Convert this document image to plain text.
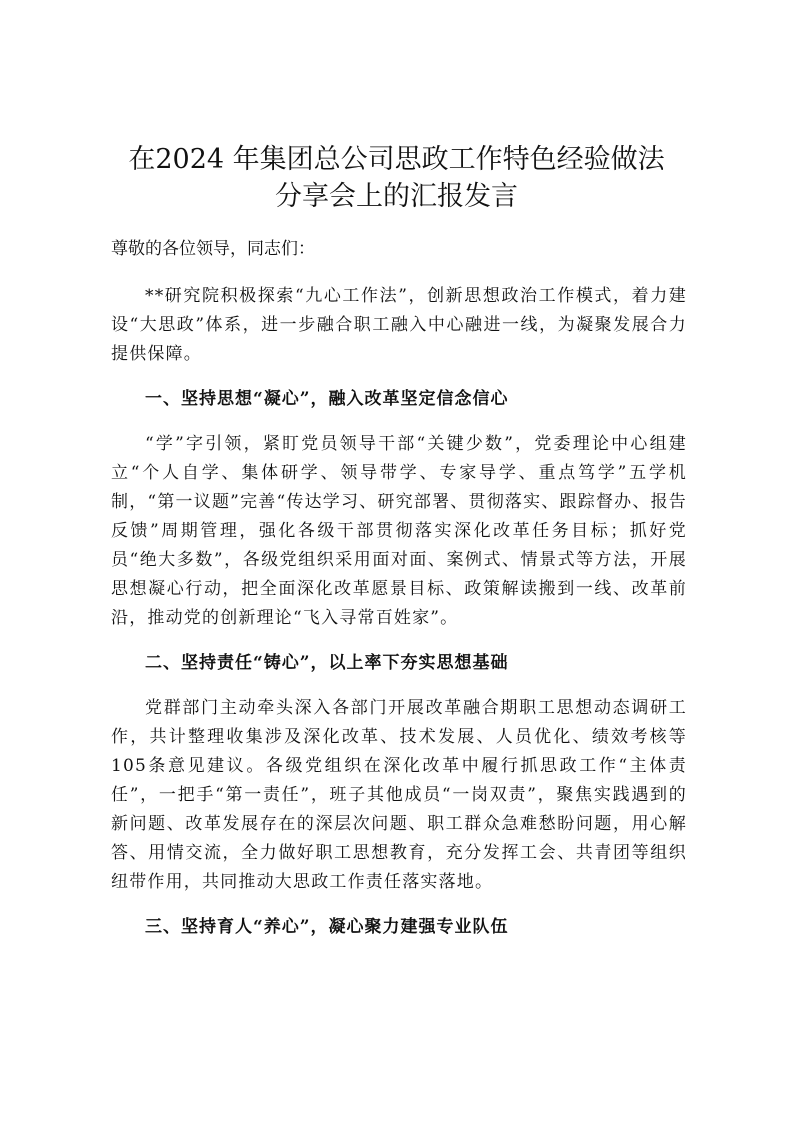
在2024 年集团总公司思政工作特色经验做法
分享会上的汇报发言

尊敬的各位领导，同志们：

**研究院积极探索“九心工作法”，创新思想政治工作模式，着力建设“大思政”体系，进一步融合职工融入中心融进一线，为凝聚发展合力提供保障。

一、坚持思想“凝心”，融入改革坚定信念信心

“学”字引领，紧盯党员领导干部“关键少数”，党委理论中心组建立“个人自学、集体研学、领导带学、专家导学、重点笃学”五学机制，“第一议题”完善“传达学习、研究部署、贯彻落实、跟踪督办、报告反馈”周期管理，强化各级干部贯彻落实深化改革任务目标；抓好党员“绝大多数”，各级党组织采用面对面、案例式、情景式等方法，开展思想凝心行动，把全面深化改革愿景目标、政策解读搬到一线、改革前沿，推动党的创新理论“飞入寻常百姓家”。

二、坚持责任“铸心”，以上率下夯实思想基础

党群部门主动牵头深入各部门开展改革融合期职工思想动态调研工作，共计整理收集涉及深化改革、技术发展、人员优化、绩效考核等105条意见建议。各级党组织在深化改革中履行抓思政工作“主体责任”，一把手“第一责任”，班子其他成员“一岗双责”，聚焦实践遇到的新问题、改革发展存在的深层次问题、职工群众急难愁盼问题，用心解答、用情交流，全力做好职工思想教育，充分发挥工会、共青团等组织纽带作用，共同推动大思政工作责任落实落地。

三、坚持育人“养心”，凝心聚力建强专业队伍
